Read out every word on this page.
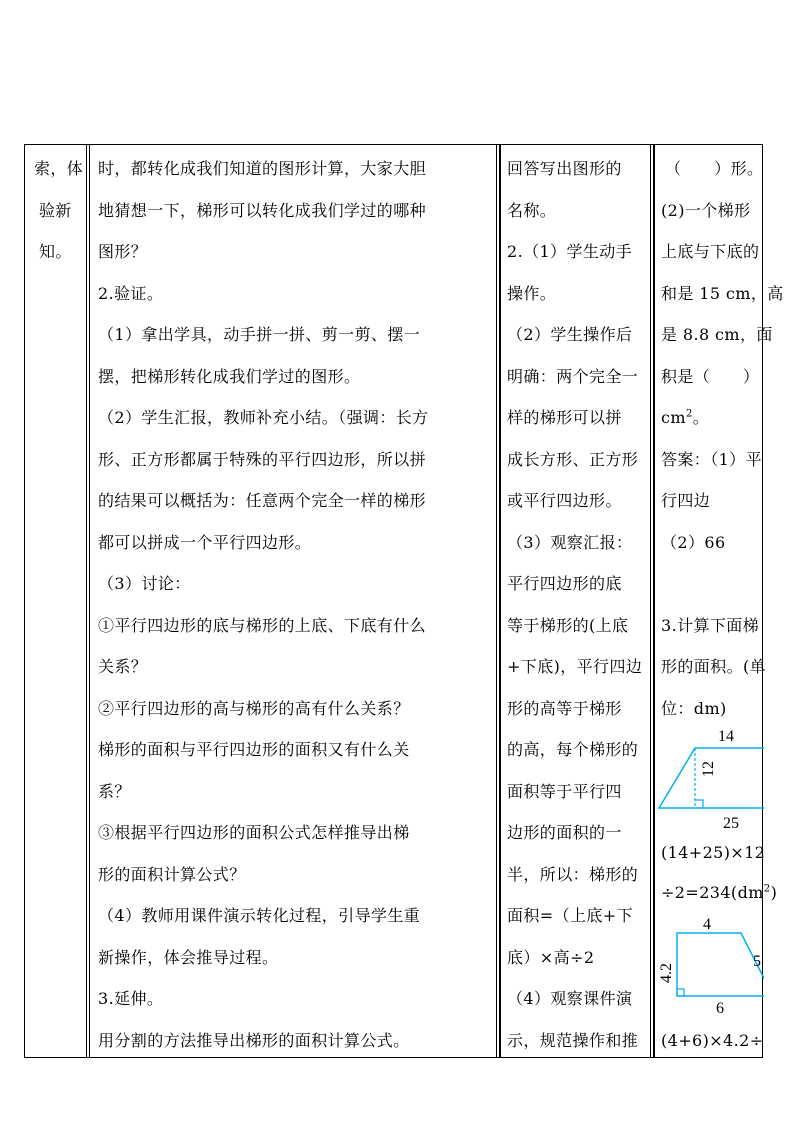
索，体
验新
知。
时，都转化成我们知道的图形计算，大家大胆
地猜想一下，梯形可以转化成我们学过的哪种
图形？
2.验证。
（1）拿出学具，动手拼一拼、剪一剪、摆一
摆，把梯形转化成我们学过的图形。
（2）学生汇报，教师补充小结。（强调：长方
形、正方形都属于特殊的平行四边形，所以拼
的结果可以概括为：任意两个完全一样的梯形
都可以拼成一个平行四边形。
（3）讨论：
①平行四边形的底与梯形的上底、下底有什么
关系？
②平行四边形的高与梯形的高有什么关系？
梯形的面积与平行四边形的面积又有什么关
系？
③根据平行四边形的面积公式怎样推导出梯
形的面积计算公式？
（4）教师用课件演示转化过程，引导学生重
新操作，体会推导过程。
3.延伸。
用分割的方法推导出梯形的面积计算公式。
回答写出图形的
名称。
2.（1）学生动手
操作。
（2）学生操作后
明确：两个完全一
样的梯形可以拼
成长方形、正方形
或平行四边形。
（3）观察汇报：
平行四边形的底
等于梯形的(上底
+下底)，平行四边
形的高等于梯形
的高，每个梯形的
面积等于平行四
边形的面积的一
半，所以：梯形的
面积=（上底+下
底）×高÷2
（4）观察课件演
示，规范操作和推
14
12
25
4
5
4.2
6
（　　）形。
(2)一个梯形
上底与下底的
和是 15 cm，高
是 8.8 cm，面
积是（　　）
$cm^2$。
答案：（1）平
行四边
（2）66
3.计算下面梯
形的面积。(单
位：dm)
(14+25)×12
$\div 2=234(dm^2)$
(4+6)×4.2÷
